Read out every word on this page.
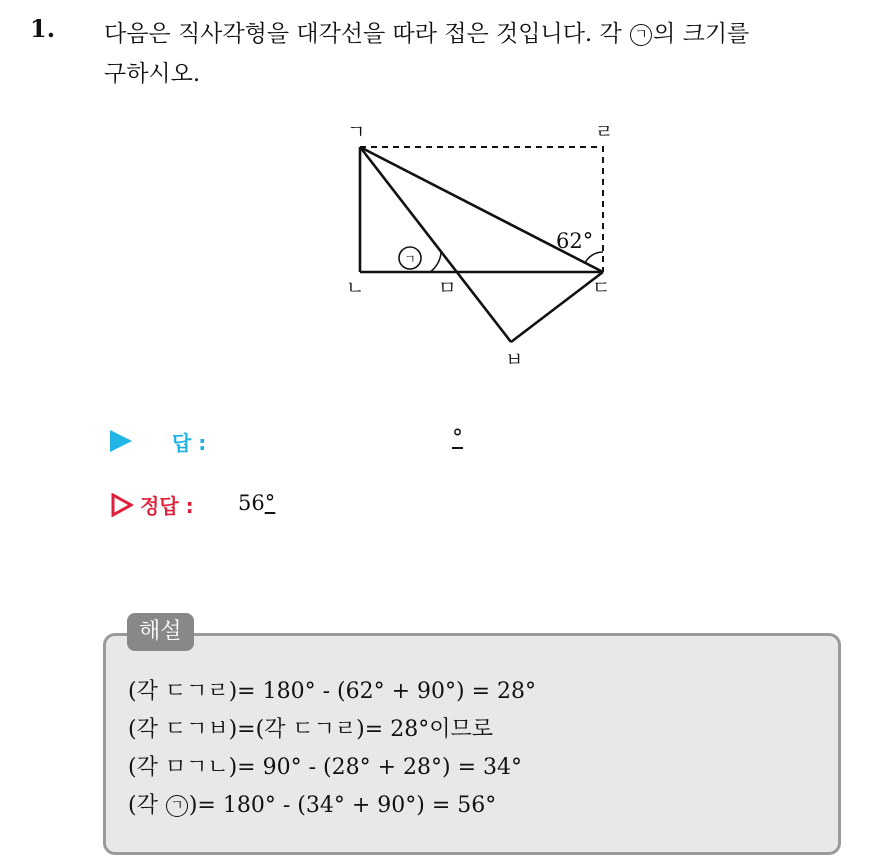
1. 다음은 직사각형을 대각선을 따라 접은 것입니다. 각 ㄱ 의 크기를
구하시오.
ㄱ	ㄹ
ㄴ	ㅁ	ㄷ
ㅂ
62°
ㄱ
답 :	°
정답 : 56°
해설
(각 ㄷㄱㄹ)= 180° - (62° + 90°) = 28°
(각 ㄷㄱㅂ)=(각 ㄷㄱㄹ)= 28°이므로
(각 ㅁㄱㄴ)= 90° - (28° + 28°) = 34°
(각 ㄱ )= 180° - (34° + 90°) = 56°
